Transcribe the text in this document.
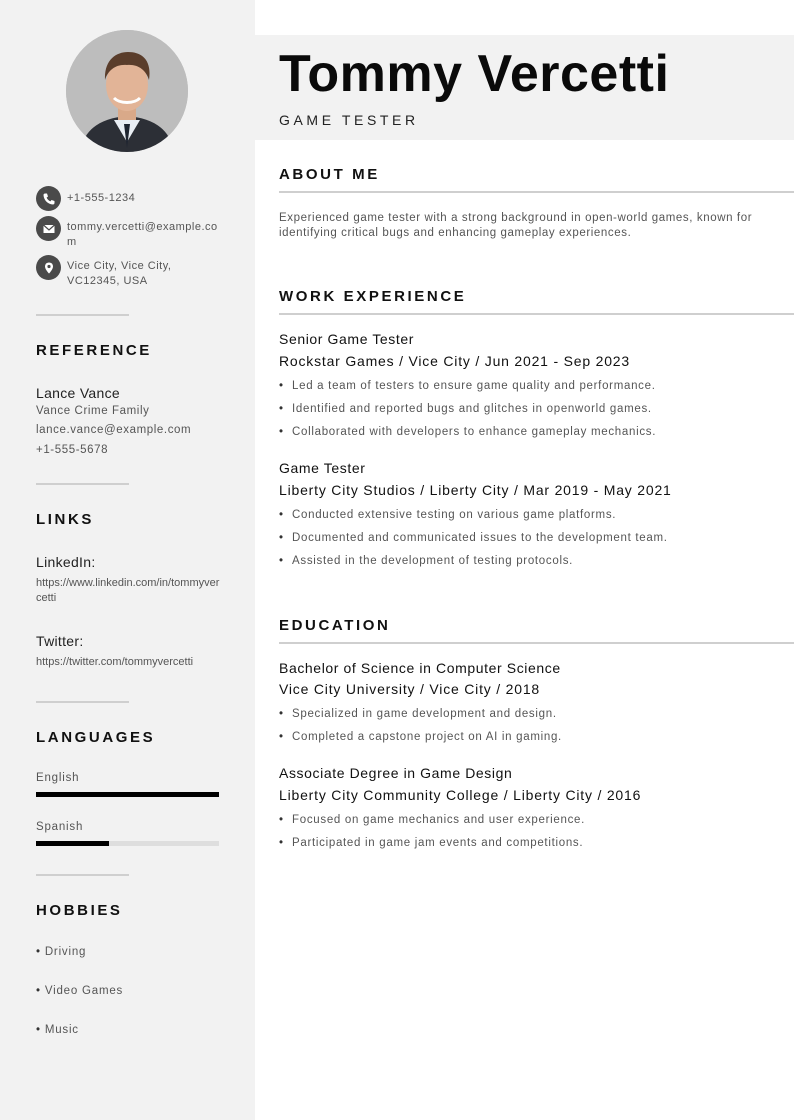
+1-555-1234
tommy.vercetti@example.com
Vice City, Vice City, VC12345, USA
REFERENCE
Lance Vance
Vance Crime Family
lance.vance@example.com
+1-555-5678
LINKS
LinkedIn:
https://www.linkedin.com/in/tommyvercetti
Twitter:
https://twitter.com/tommyvercetti
LANGUAGES
English
Spanish
HOBBIES
• Driving
• Video Games
• Music
Tommy Vercetti
GAME TESTER
ABOUT ME
Experienced game tester with a strong background in open-world games, known for identifying critical bugs and enhancing gameplay experiences.
WORK EXPERIENCE
Senior Game Tester
Rockstar Games / Vice City / Jun 2021 - Sep 2023
• Led a team of testers to ensure game quality and performance.
• Identified and reported bugs and glitches in openworld games.
• Collaborated with developers to enhance gameplay mechanics.
Game Tester
Liberty City Studios / Liberty City / Mar 2019 - May 2021
• Conducted extensive testing on various game platforms.
• Documented and communicated issues to the development team.
• Assisted in the development of testing protocols.
EDUCATION
Bachelor of Science in Computer Science
Vice City University / Vice City / 2018
• Specialized in game development and design.
• Completed a capstone project on AI in gaming.
Associate Degree in Game Design
Liberty City Community College / Liberty City / 2016
• Focused on game mechanics and user experience.
• Participated in game jam events and competitions.
